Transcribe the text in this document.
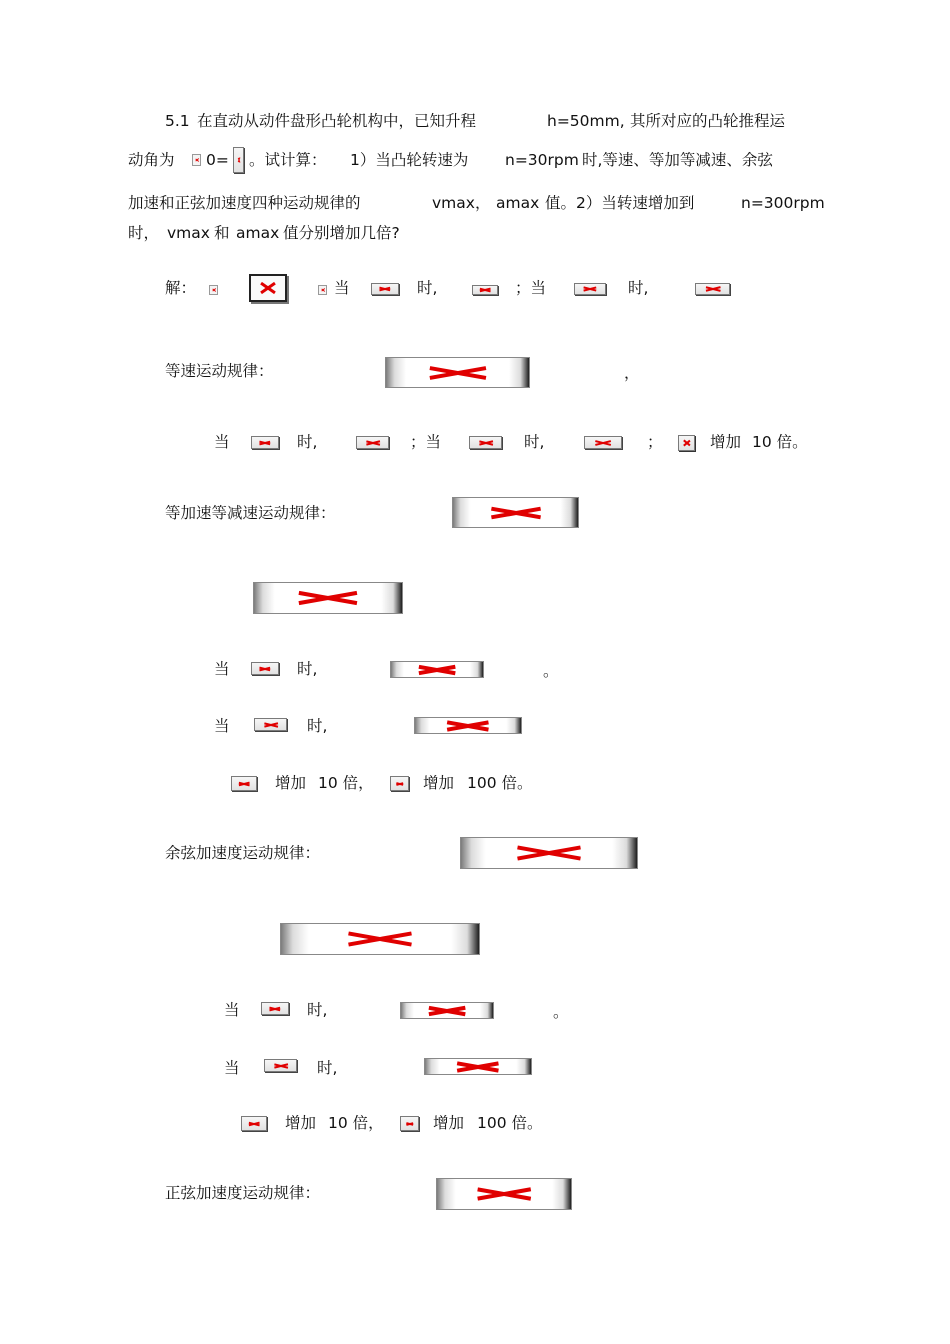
5.1 在直动从动件盘形凸轮机构中，已知升程	h=50mm, 其所对应的凸轮推程运
动角为 0= 。试计算： 1）当凸轮转速为 n=30rpm 时,等速、等加等减速、余弦
加速和正弦加速度四种运动规律的	vmax， amax 值。2）当转速增加到	n=300rpm
时， vmax 和 amax 值分别增加几倍?
解：	当	时,	；当	时,
等速运动规律：	，
当	时,	；当	时,	；	增加 10 倍。
等加速等减速运动规律：
当	时,	。
当	时,
增加 10 倍，	增加 100 倍。
余弦加速度运动规律：
当	时,	。
当	时,
增加 10 倍，	增加 100 倍。
正弦加速度运动规律：
